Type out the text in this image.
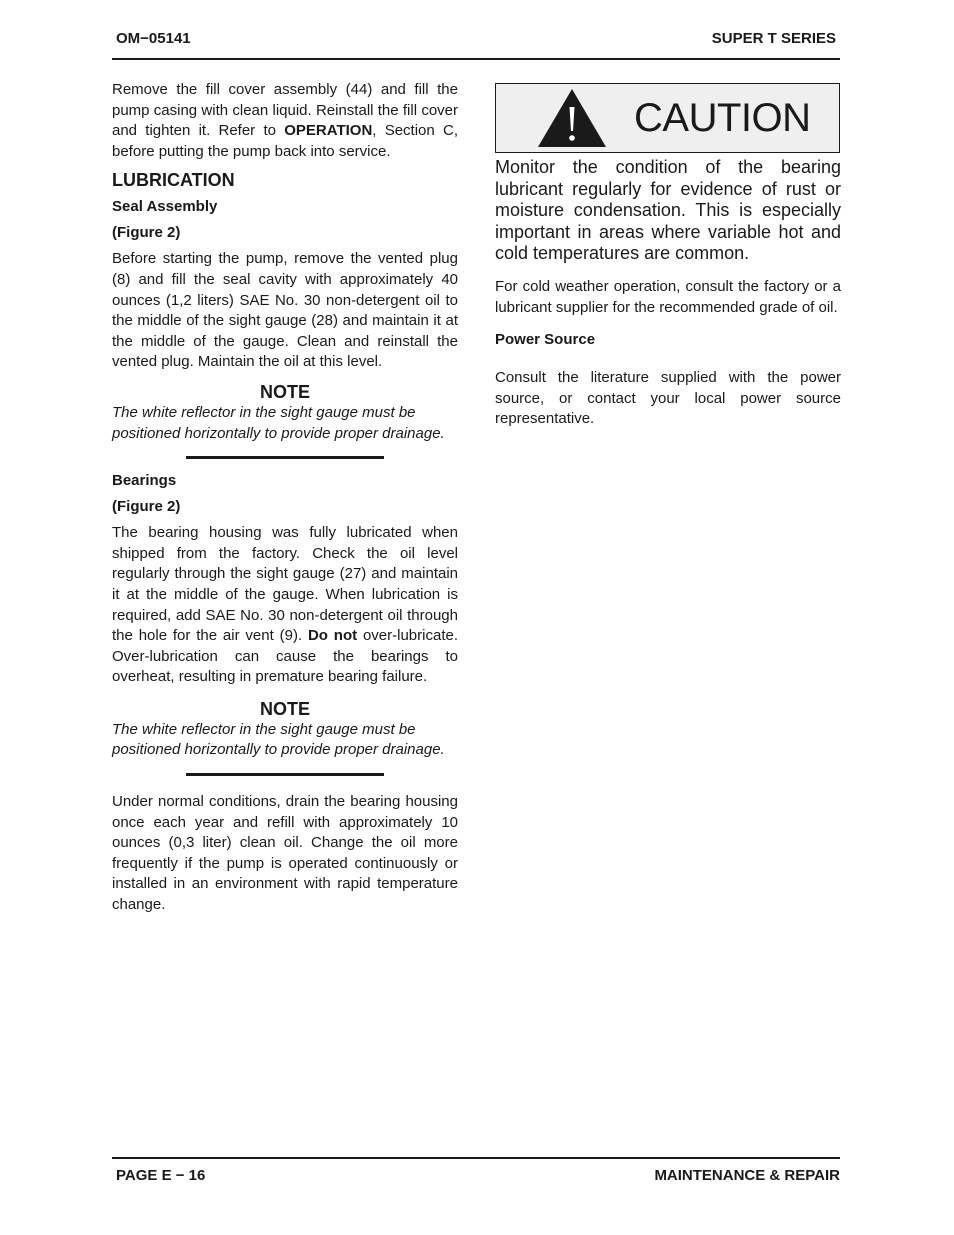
OM−05141	SUPER T SERIES

Remove the fill cover assembly (44) and fill the pump casing with clean liquid. Reinstall the fill cover and tighten it. Refer to OPERATION, Section C, before putting the pump back into service.

LUBRICATION
Seal Assembly
(Figure 2)

Before starting the pump, remove the vented plug (8) and fill the seal cavity with approximately 40 ounces (1,2 liters) SAE No. 30 non-detergent oil to the middle of the sight gauge (28) and maintain it at the middle of the gauge. Clean and reinstall the vented plug. Maintain the oil at this level.

NOTE

The white reflector in the sight gauge must be positioned horizontally to provide proper drainage.

Bearings
(Figure 2)

The bearing housing was fully lubricated when shipped from the factory. Check the oil level regularly through the sight gauge (27) and maintain it at the middle of the gauge. When lubrication is required, add SAE No. 30 non-detergent oil through the hole for the air vent (9). Do not over-lubricate. Over-lubrication can cause the bearings to overheat, resulting in premature bearing failure.

NOTE

The white reflector in the sight gauge must be positioned horizontally to provide proper drainage.

Under normal conditions, drain the bearing housing once each year and refill with approximately 10 ounces (0,3 liter) clean oil. Change the oil more frequently if the pump is operated continuously or installed in an environment with rapid temperature change.

CAUTION

Monitor the condition of the bearing lubricant regularly for evidence of rust or moisture condensation. This is especially important in areas where variable hot and cold temperatures are common.

For cold weather operation, consult the factory or a lubricant supplier for the recommended grade of oil.

Power Source

Consult the literature supplied with the power source, or contact your local power source representative.

PAGE E − 16	MAINTENANCE & REPAIR
